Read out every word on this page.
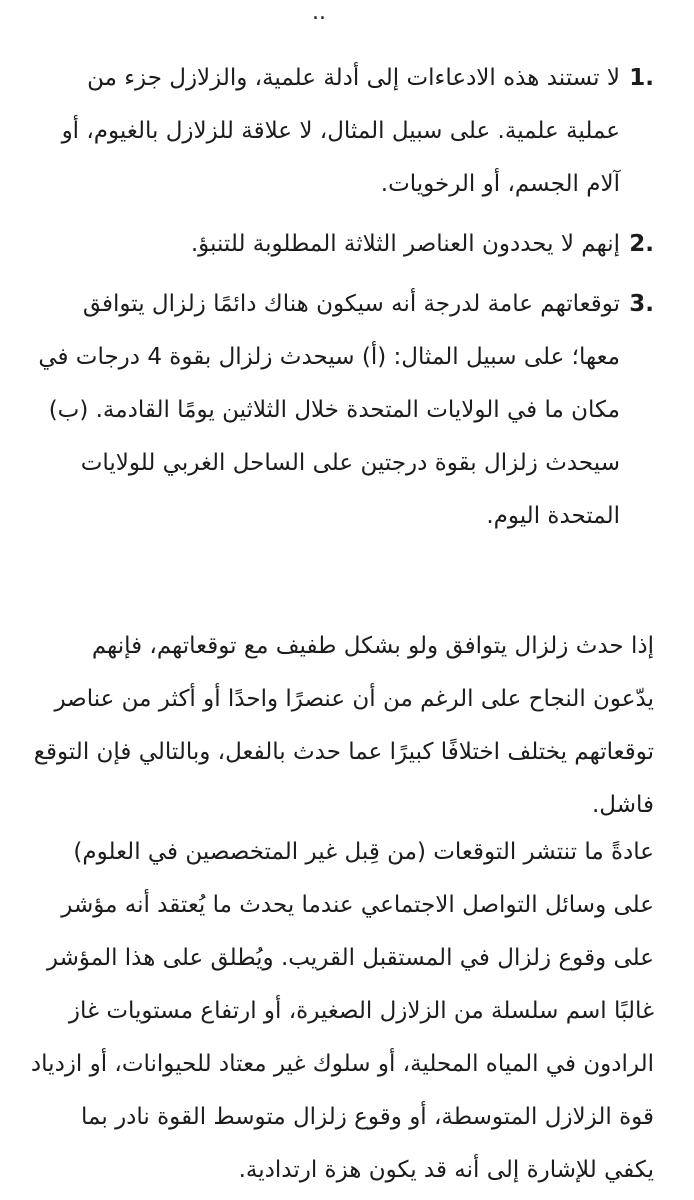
..
1.
لا تستند هذه الادعاءات إلى أدلة علمية، والزلازل جزء من عملية علمية. على سبيل المثال، لا علاقة للزلازل بالغيوم، أو آلام الجسم، أو الرخويات.
2.
إنهم لا يحددون العناصر الثلاثة المطلوبة للتنبؤ.
3.
توقعاتهم عامة لدرجة أنه سيكون هناك دائمًا زلزال يتوافق معها؛ على سبيل المثال: (أ) سيحدث زلزال بقوة 4 درجات في مكان ما في الولايات المتحدة خلال الثلاثين يومًا القادمة. (ب) سيحدث زلزال بقوة درجتين على الساحل الغربي للولايات المتحدة اليوم.

إذا حدث زلزال يتوافق ولو بشكل طفيف مع توقعاتهم، فإنهم يدّعون النجاح على الرغم من أن عنصرًا واحدًا أو أكثر من عناصر توقعاتهم يختلف اختلافًا كبيرًا عما حدث بالفعل، وبالتالي فإن التوقع فاشل.

عادةً ما تنتشر التوقعات (من قِبل غير المتخصصين في العلوم) على وسائل التواصل الاجتماعي عندما يحدث ما يُعتقد أنه مؤشر على وقوع زلزال في المستقبل القريب. ويُطلق على هذا المؤشر غالبًا اسم سلسلة من الزلازل الصغيرة، أو ارتفاع مستويات غاز الرادون في المياه المحلية، أو سلوك غير معتاد للحيوانات، أو ازدياد قوة الزلازل المتوسطة، أو وقوع زلزال متوسط القوة نادر بما يكفي للإشارة إلى أنه قد يكون هزة ارتدادية.
